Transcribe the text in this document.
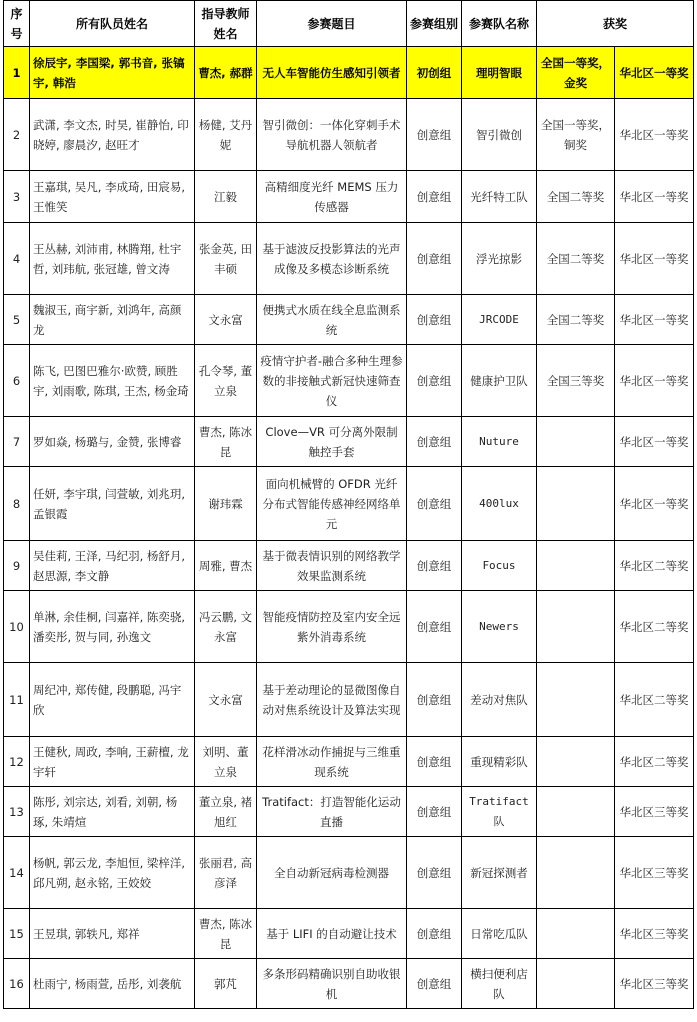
序号	所有队员姓名	指导教师姓名	参赛题目	参赛组别	参赛队名称	获奖	
1	徐辰宇, 李国梁, 郭书音, 张镐宇, 韩浩	曹杰, 郝群	无人车智能仿生感知引领者	初创组	理明智眼	全国一等奖，金奖	华北区一等奖
2	武潇, 李文杰, 时昊, 崔静怡, 印晓婷, 廖晨汐, 赵旺才	杨健, 艾丹妮	智引微创：一体化穿刺手术导航机器人领航者	创意组	智引微创	全国一等奖，铜奖	华北区一等奖
3	王嘉琪, 吴凡, 李成琦, 田宸易, 王惟笑	江毅	高精细度光纤 MEMS 压力传感器	创意组	光纤特工队	全国二等奖	华北区一等奖
4	王丛赫, 刘沛甫, 林腾翔, 杜宇哲, 刘玮航, 张冠雄, 曾文涛	张金英, 田丰硕	基于滤波反投影算法的光声成像及多模态诊断系统	创意组	浮光掠影	全国二等奖	华北区一等奖
5	魏淑玉, 商宇新, 刘鸿年, 高颜龙	文永富	便携式水质在线全息监测系统	创意组	JRCODE	全国二等奖	华北区一等奖
6	陈飞, 巴图巴雅尔·欧赞, 顾胜宇, 刘雨歌, 陈琪, 王杰, 杨金琦	孔令琴, 董立泉	疫情守护者-融合多种生理参数的非接触式新冠快速筛查仪	创意组	健康护卫队	全国三等奖	华北区一等奖
7	罗如焱, 杨璐与, 金赞, 张博睿	曹杰, 陈冰昆	Clove—VR 可分离外限制触控手套	创意组	Nuture		华北区一等奖
8	任妍, 李宇琪, 闫萱敏, 刘兆玥, 孟银霞	谢玮霖	面向机械臂的 OFDR 光纤分布式智能传感神经网络单元	创意组	400lux		华北区一等奖
9	吴佳莉, 王泽, 马纪羽, 杨舒月, 赵思源, 李文静	周雅, 曹杰	基于微表情识别的网络教学效果监测系统	创意组	Focus		华北区二等奖
10	单淋, 余佳桐, 闫嘉祥, 陈奕骁, 潘奕彤, 贺与同, 孙逸文	冯云鹏, 文永富	智能疫情防控及室内安全远紫外消毒系统	创意组	Newers		华北区二等奖
11	周纪冲, 郑传健, 段鹏聪, 冯宇欣	文永富	基于差动理论的显微图像自动对焦系统设计及算法实现	创意组	差动对焦队		华北区二等奖
12	王健秋, 周政, 李响, 王薪檀, 龙宇轩	刘明、董立泉	花样滑冰动作捕捉与三维重现系统	创意组	重现精彩队		华北区二等奖
13	陈彤, 刘宗达, 刘看, 刘朝, 杨琢, 朱靖煊	董立泉, 褚旭红	Tratifact：打造智能化运动直播	创意组	Tratifact 队		华北区三等奖
14	杨帆, 郭云龙, 李旭恒, 梁梓洋, 邱凡朔, 赵永铭, 王姣姣	张丽君, 高彦泽	全自动新冠病毒检测器	创意组	新冠探测者		华北区三等奖
15	王昱琪, 郭轶凡, 郑祥	曹杰, 陈冰昆	基于 LIFI 的自动避让技术	创意组	日常吃瓜队		华北区三等奖
16	杜雨宁, 杨雨萱, 岳彤, 刘袭航	郭芃	多条形码精确识别自助收银机	创意组	横扫便利店队		华北区三等奖
